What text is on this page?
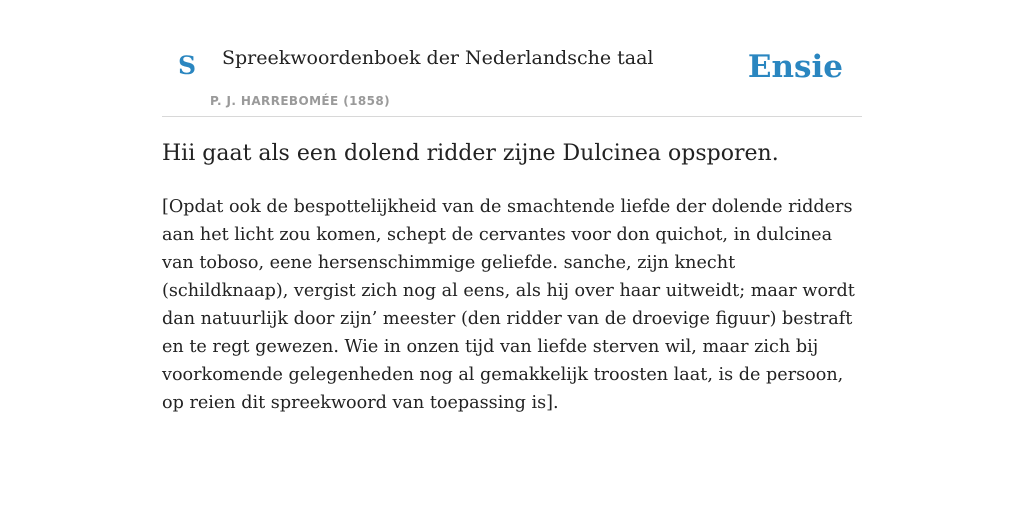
S Spreekwoordenboek der Nederlandsche taal
P. J. HARREBOMÉE (1858)
Ensie
Hii gaat als een dolend ridder zijne Dulcinea opsporen.

[Opdat ook de bespottelijkheid van de smachtende liefde der dolende ridders aan het licht zou komen, schept de cervantes voor don quichot, in dulcinea van toboso, eene hersenschimmige geliefde. sanche, zijn knecht (schildknaap), vergist zich nog al eens, als hij over haar uitweidt; maar wordt dan natuurlijk door zijn’ meester (den ridder van de droevige figuur) bestraft en te regt gewezen. Wie in onzen tijd van liefde sterven wil, maar zich bij voorkomende gelegenheden nog al gemakkelijk troosten laat, is de persoon, op reien dit spreekwoord van toepassing is].
